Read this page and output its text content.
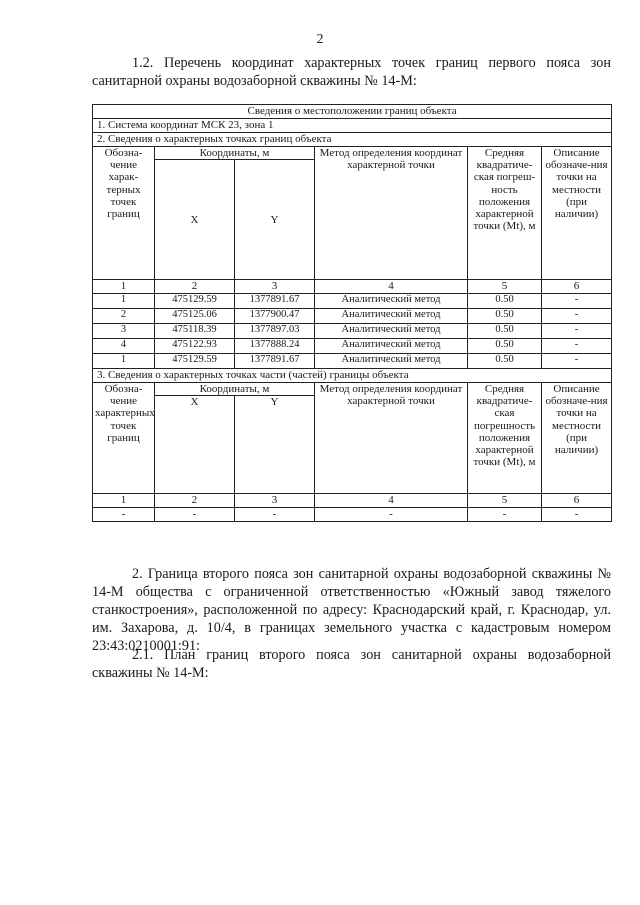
2
1.2. Перечень координат характерных точек границ первого пояса зон санитарной охраны водозаборной скважины № 14-М:
Сведения о местоположении границ объекта					
1. Система координат МСК 23, зона 1					
2. Сведения о характерных точках границ объекта					
Обозна-чение харак-терных точек границ	Координаты, м		Метод определения координат характерной точки	Средняя квадратиче-ская погреш-ность положения характерной точки (Mt), м	Описание обозначе-ния точки на местности (при наличии)
	X	Y			
1	2	3	4	5	6
1	475129.59	1377891.67	Аналитический метод	0.50	-
2	475125.06	1377900.47	Аналитический метод	0.50	-
3	475118.39	1377897.03	Аналитический метод	0.50	-
4	475122.93	1377888.24	Аналитический метод	0.50	-
1	475129.59	1377891.67	Аналитический метод	0.50	-
3. Сведения о характерных точках части (частей) границы объекта					
Обозна-чение характерных точек границ	Координаты, м		Метод определения координат характерной точки	Средняя квадратиче-ская погрешность положения характерной точки (Mt), м	Описание обозначе-ния точки на местности (при наличии)
	X	Y			
1	2	3	4	5	6
-	-	-	-	-	-
2. Граница второго пояса зон санитарной охраны водозаборной скважины № 14-М общества с ограниченной ответственностью «Южный завод тяжелого станкостроения», расположенной по адресу: Краснодарский край, г. Краснодар, ул. им. Захарова, д. 10/4, в границах земельного участка с кадастровым номером 23:43:0210001:91:
2.1. План границ второго пояса зон санитарной охраны водозаборной скважины № 14-М:
